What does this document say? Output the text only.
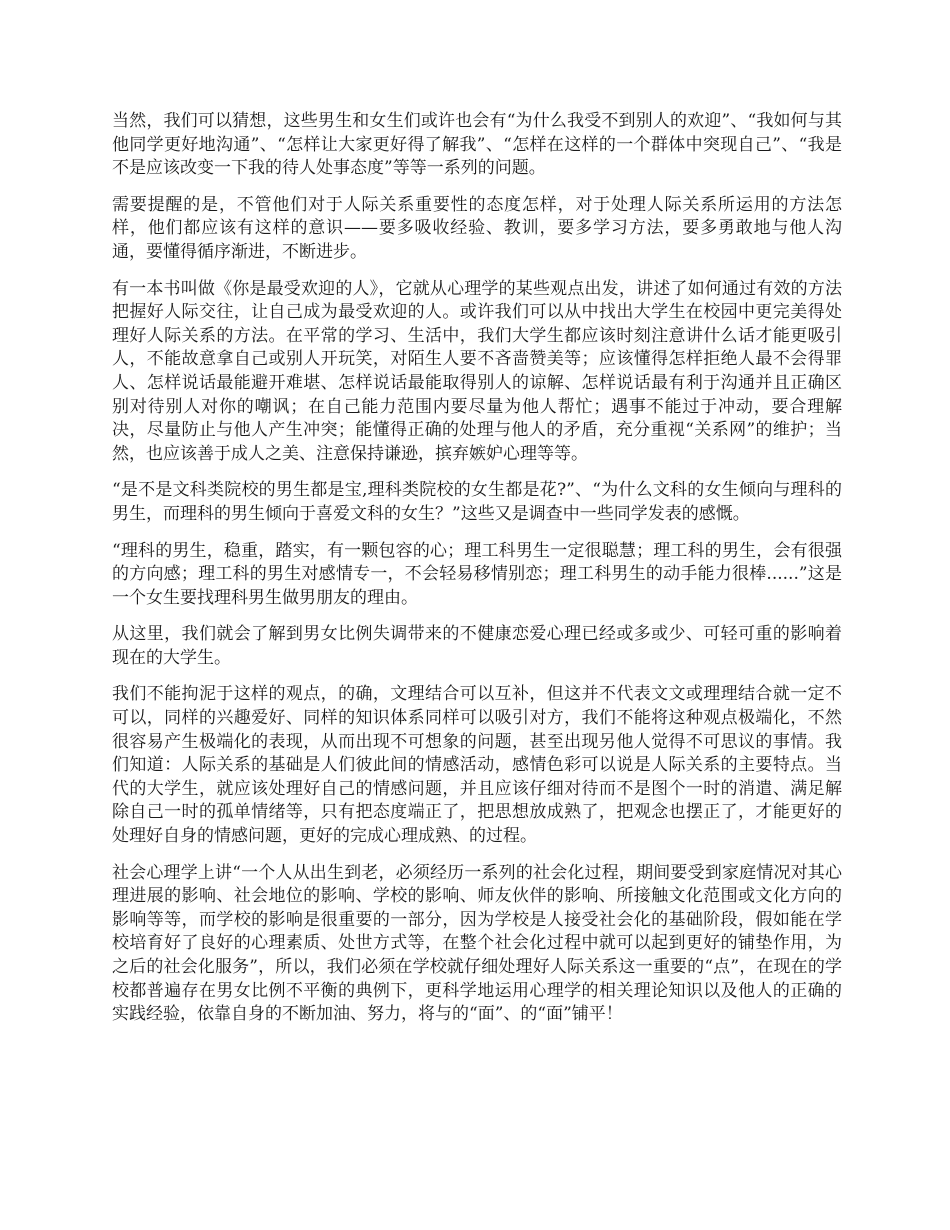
当然，我们可以猜想，这些男生和女生们或许也会有“为什么我受不到别人的欢迎”、“我如何与其他同学更好地沟通”、“怎样让大家更好得了解我”、“怎样在这样的一个群体中突现自己”、“我是不是应该改变一下我的待人处事态度”等等一系列的问题。

需要提醒的是，不管他们对于人际关系重要性的态度怎样，对于处理人际关系所运用的方法怎样，他们都应该有这样的意识——要多吸收经验、教训，要多学习方法，要多勇敢地与他人沟通，要懂得循序渐进，不断进步。

有一本书叫做《你是最受欢迎的人》，它就从心理学的某些观点出发，讲述了如何通过有效的方法把握好人际交往，让自己成为最受欢迎的人。或许我们可以从中找出大学生在校园中更完美得处理好人际关系的方法。在平常的学习、生活中，我们大学生都应该时刻注意讲什么话才能更吸引人，不能故意拿自己或别人开玩笑，对陌生人要不吝啬赞美等；应该懂得怎样拒绝人最不会得罪人、怎样说话最能避开难堪、怎样说话最能取得别人的谅解、怎样说话最有利于沟通并且正确区别对待别人对你的嘲讽；在自己能力范围内要尽量为他人帮忙；遇事不能过于冲动，要合理解决，尽量防止与他人产生冲突；能懂得正确的处理与他人的矛盾，充分重视“关系网”的维护；当然，也应该善于成人之美、注意保持谦逊，摈弃嫉妒心理等等。

“是不是文科类院校的男生都是宝,理科类院校的女生都是花?”、“为什么文科的女生倾向与理科的男生，而理科的男生倾向于喜爱文科的女生？”这些又是调查中一些同学发表的感慨。

“理科的男生，稳重，踏实，有一颗包容的心；理工科男生一定很聪慧；理工科的男生，会有很强的方向感；理工科的男生对感情专一，不会轻易移情别恋；理工科男生的动手能力很棒......”这是一个女生要找理科男生做男朋友的理由。

从这里，我们就会了解到男女比例失调带来的不健康恋爱心理已经或多或少、可轻可重的影响着现在的大学生。

我们不能拘泥于这样的观点，的确，文理结合可以互补，但这并不代表文文或理理结合就一定不可以，同样的兴趣爱好、同样的知识体系同样可以吸引对方，我们不能将这种观点极端化，不然很容易产生极端化的表现，从而出现不可想象的问题，甚至出现另他人觉得不可思议的事情。我们知道：人际关系的基础是人们彼此间的情感活动，感情色彩可以说是人际关系的主要特点。当代的大学生，就应该处理好自己的情感问题，并且应该仔细对待而不是图个一时的消遣、满足解除自己一时的孤单情绪等，只有把态度端正了，把思想放成熟了，把观念也摆正了，才能更好的处理好自身的情感问题，更好的完成心理成熟、的过程。

社会心理学上讲“一个人从出生到老，必须经历一系列的社会化过程，期间要受到家庭情况对其心理进展的影响、社会地位的影响、学校的影响、师友伙伴的影响、所接触文化范围或文化方向的影响等等，而学校的影响是很重要的一部分，因为学校是人接受社会化的基础阶段，假如能在学校培育好了良好的心理素质、处世方式等，在整个社会化过程中就可以起到更好的铺垫作用，为之后的社会化服务”，所以，我们必须在学校就仔细处理好人际关系这一重要的“点”，在现在的学校都普遍存在男女比例不平衡的典例下，更科学地运用心理学的相关理论知识以及他人的正确的实践经验，依靠自身的不断加油、努力，将与的“面”、的“面”铺平！
